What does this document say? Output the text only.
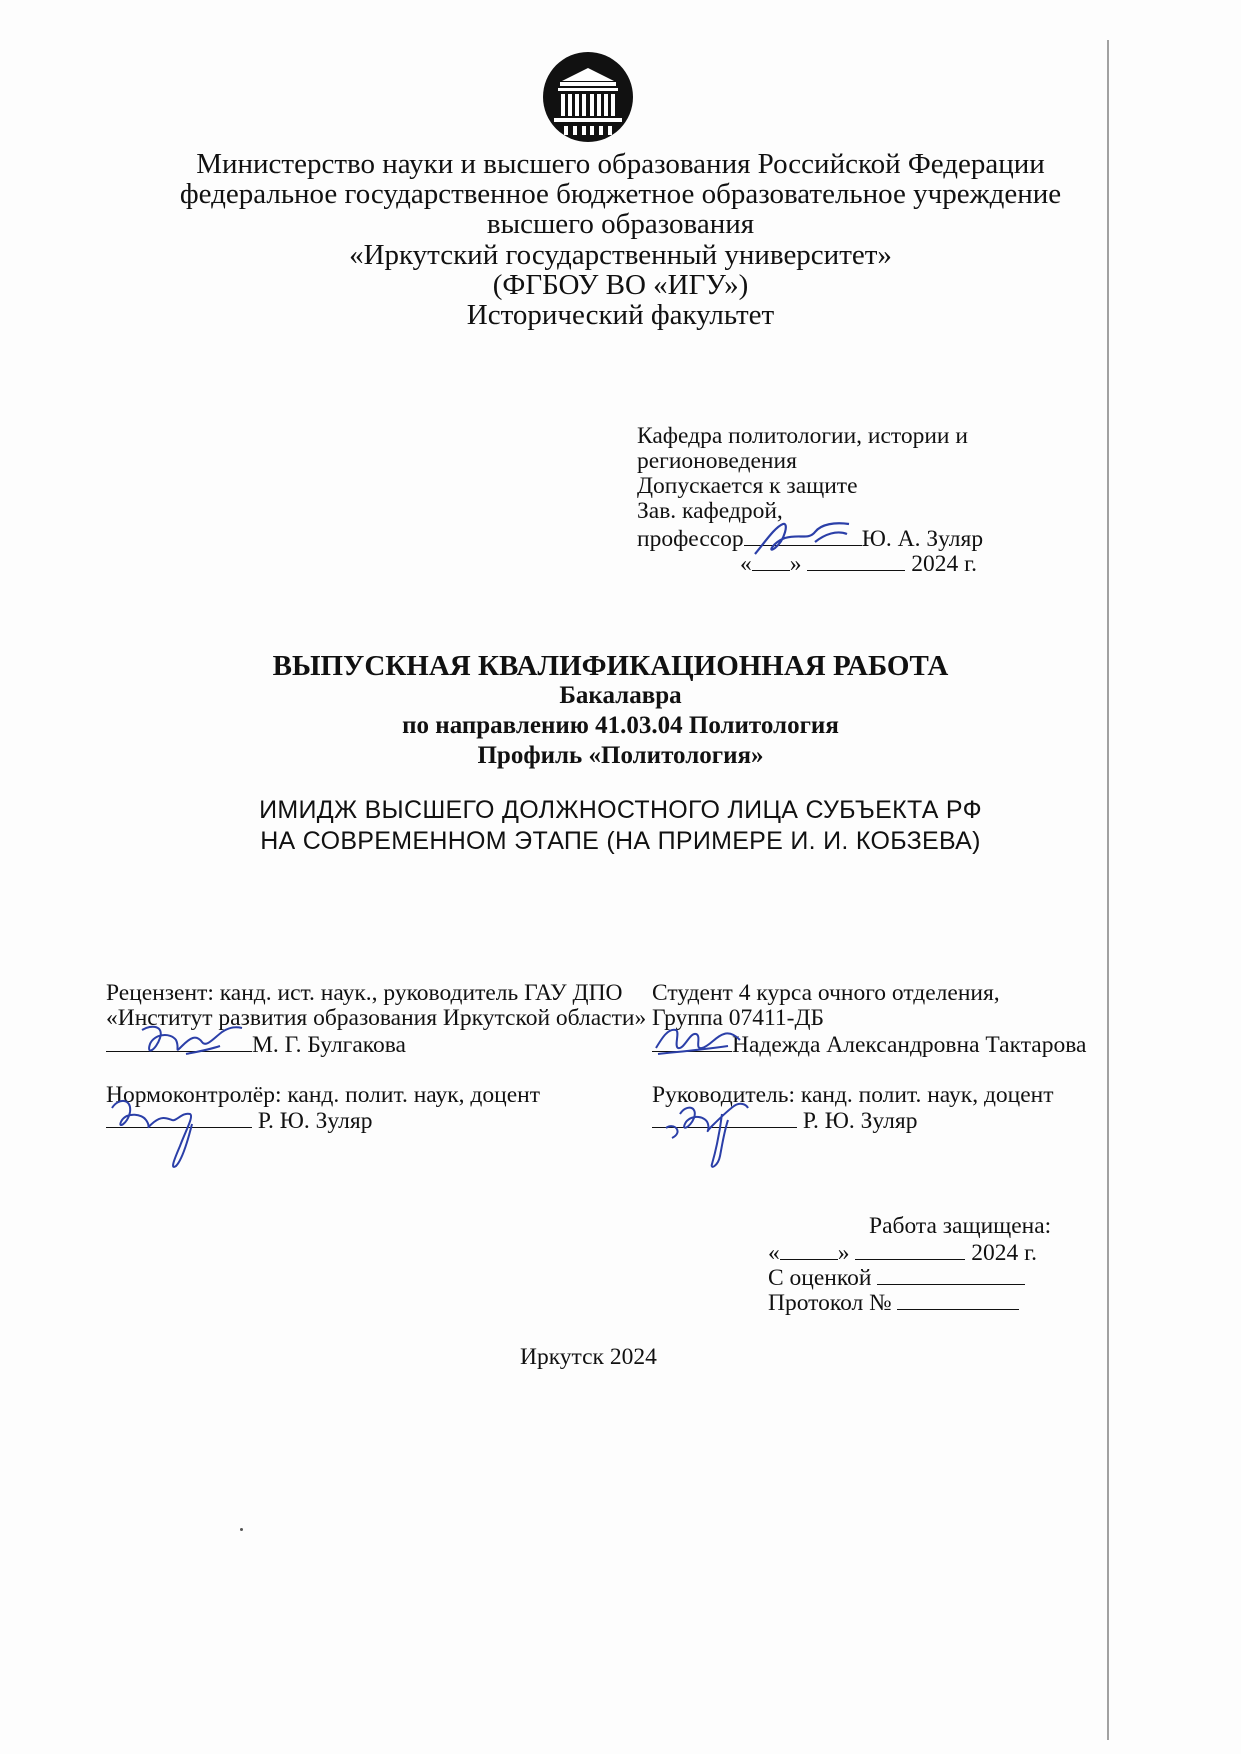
Министерство науки и высшего образования Российской Федерации
федеральное государственное бюджетное образовательное учреждение
высшего образования
«Иркутский государственный университет»
(ФГБОУ ВО «ИГУ»)
Исторический факультет
Кафедра политологии, истории и
регионоведения
Допускается к защите
Зав. кафедрой,
профессор	Ю. А. Зуляр
« »	2024 г.
ВЫПУСКНАЯ КВАЛИФИКАЦИОННАЯ РАБОТА
Бакалавра
по направлению 41.03.04 Политология
Профиль «Политология»
ИМИДЖ ВЫСШЕГО ДОЛЖНОСТНОГО ЛИЦА СУБЪЕКТА РФ
НА СОВРЕМЕННОМ ЭТАПЕ (НА ПРИМЕРЕ И. И. КОБЗЕВА)
Рецензент: канд. ист. наук., руководитель ГАУ ДПО
«Институт развития образования Иркутской области»
М. Г. Булгакова
Нормоконтролёр: канд. полит. наук, доцент
Р. Ю. Зуляр
Студент 4 курса очного отделения,
Группа 07411-ДБ
Надежда Александровна Тактарова
Руководитель: канд. полит. наук, доцент
Р. Ю. Зуляр
Работа защищена:
« »	2024 г.
С оценкой
Протокол №
Иркутск 2024
